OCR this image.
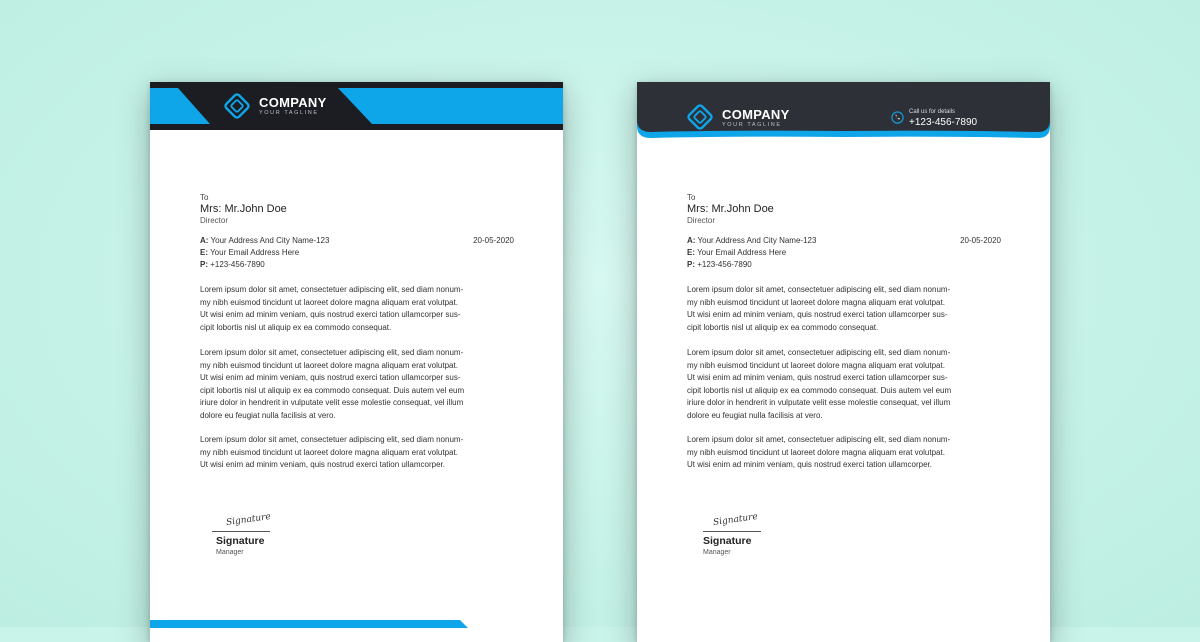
COMPANY
YOUR TAGLINE
To
Mrs: Mr.John Doe
Director
A: Your Address And City Name-123
E: Your Email Address Here
P: +123-456-7890
20-05-2020
Lorem ipsum dolor sit amet, consectetuer adipiscing elit, sed diam nonum-
my nibh euismod tincidunt ut laoreet dolore magna aliquam erat volutpat.
Ut wisi enim ad minim veniam, quis nostrud exerci tation ullamcorper sus-
cipit lobortis nisl ut aliquip ex ea commodo consequat.
Lorem ipsum dolor sit amet, consectetuer adipiscing elit, sed diam nonum-
my nibh euismod tincidunt ut laoreet dolore magna aliquam erat volutpat.
Ut wisi enim ad minim veniam, quis nostrud exerci tation ullamcorper sus-
cipit lobortis nisl ut aliquip ex ea commodo consequat. Duis autem vel eum
iriure dolor in hendrerit in vulputate velit esse molestie consequat, vel illum
dolore eu feugiat nulla facilisis at vero.
Lorem ipsum dolor sit amet, consectetuer adipiscing elit, sed diam nonum-
my nibh euismod tincidunt ut laoreet dolore magna aliquam erat volutpat.
Ut wisi enim ad minim veniam, quis nostrud exerci tation ullamcorper.
Signature
Signature
Manager
COMPANY
YOUR TAGLINE
Call us for details
+123-456-7890
To
Mrs: Mr.John Doe
Director
A: Your Address And City Name-123
E: Your Email Address Here
P: +123-456-7890
20-05-2020
Lorem ipsum dolor sit amet, consectetuer adipiscing elit, sed diam nonum-
my nibh euismod tincidunt ut laoreet dolore magna aliquam erat volutpat.
Ut wisi enim ad minim veniam, quis nostrud exerci tation ullamcorper sus-
cipit lobortis nisl ut aliquip ex ea commodo consequat.
Lorem ipsum dolor sit amet, consectetuer adipiscing elit, sed diam nonum-
my nibh euismod tincidunt ut laoreet dolore magna aliquam erat volutpat.
Ut wisi enim ad minim veniam, quis nostrud exerci tation ullamcorper sus-
cipit lobortis nisl ut aliquip ex ea commodo consequat. Duis autem vel eum
iriure dolor in hendrerit in vulputate velit esse molestie consequat, vel illum
dolore eu feugiat nulla facilisis at vero.
Lorem ipsum dolor sit amet, consectetuer adipiscing elit, sed diam nonum-
my nibh euismod tincidunt ut laoreet dolore magna aliquam erat volutpat.
Ut wisi enim ad minim veniam, quis nostrud exerci tation ullamcorper.
Signature
Signature
Manager
